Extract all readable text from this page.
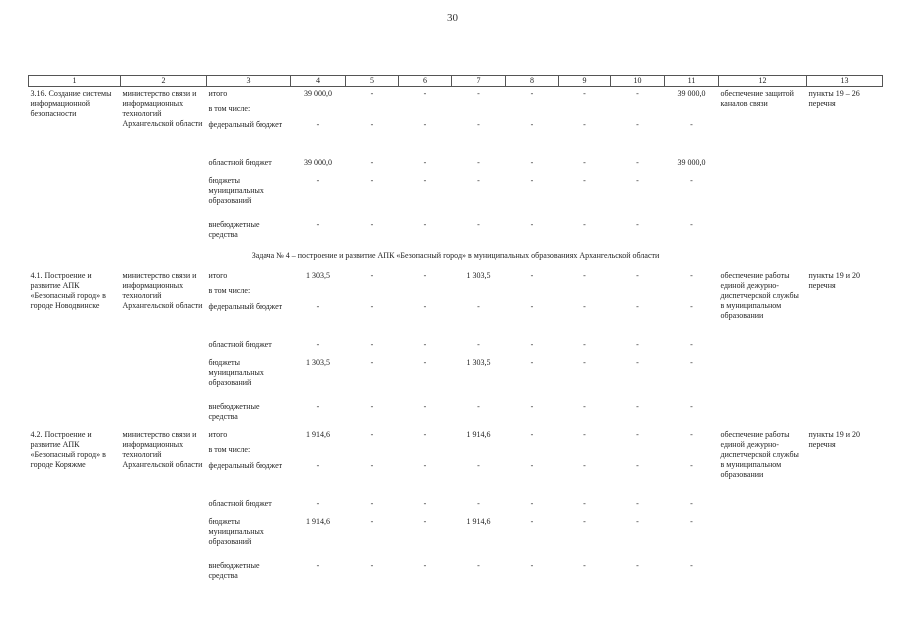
30
1	2	3	4	5	6	7	8	9	10	11	12	13
3.16. Создание системы информационной безопасности	министерство связи и информационных технологий Архангельской области	итого	39 000,0	-	-	-	-	-	-	39 000,0	обеспечение защитой каналов связи	пункты 19 – 26 перечня
		в том числе:										
		федеральный бюджет	-	-	-	-	-	-	-	-		
		областной бюджет	39 000,0	-	-	-	-	-	-	39 000,0		
		бюджеты муниципальных образований	-	-	-	-	-	-	-	-		
		внебюджетные средства	-	-	-	-	-	-	-	-		
Задача № 4 – построение и развитие АПК «Безопасный город» в муниципальных образованиях Архангельской области												
4.1. Построение и развитие АПК «Безопасный город» в городе Новодвинске	министерство связи и информационных технологий Архангельской области	итого	1 303,5	-	-	1 303,5	-	-	-	-	обеспечение работы единой дежурно-диспетчерской службы в муниципальном образовании	пункты 19 и 20 перечня
		в том числе:										
		федеральный бюджет	-	-	-	-	-	-	-	-		
		областной бюджет	-	-	-	-	-	-	-	-		
		бюджеты муниципальных образований	1 303,5	-	-	1 303,5	-	-	-	-		
		внебюджетные средства	-	-	-	-	-	-	-	-		
4.2. Построение и развитие АПК «Безопасный город» в городе Коряжме	министерство связи и информационных технологий Архангельской области	итого	1 914,6	-	-	1 914,6	-	-	-	-	обеспечение работы единой дежурно-диспетчерской службы в муниципальном образовании	пункты 19 и 20 перечня
		в том числе:										
		федеральный бюджет	-	-	-	-	-	-	-	-		
		областной бюджет	-	-	-	-	-	-	-	-		
		бюджеты муниципальных образований	1 914,6	-	-	1 914,6	-	-	-	-		
		внебюджетные средства	-	-	-	-	-	-	-	-		
